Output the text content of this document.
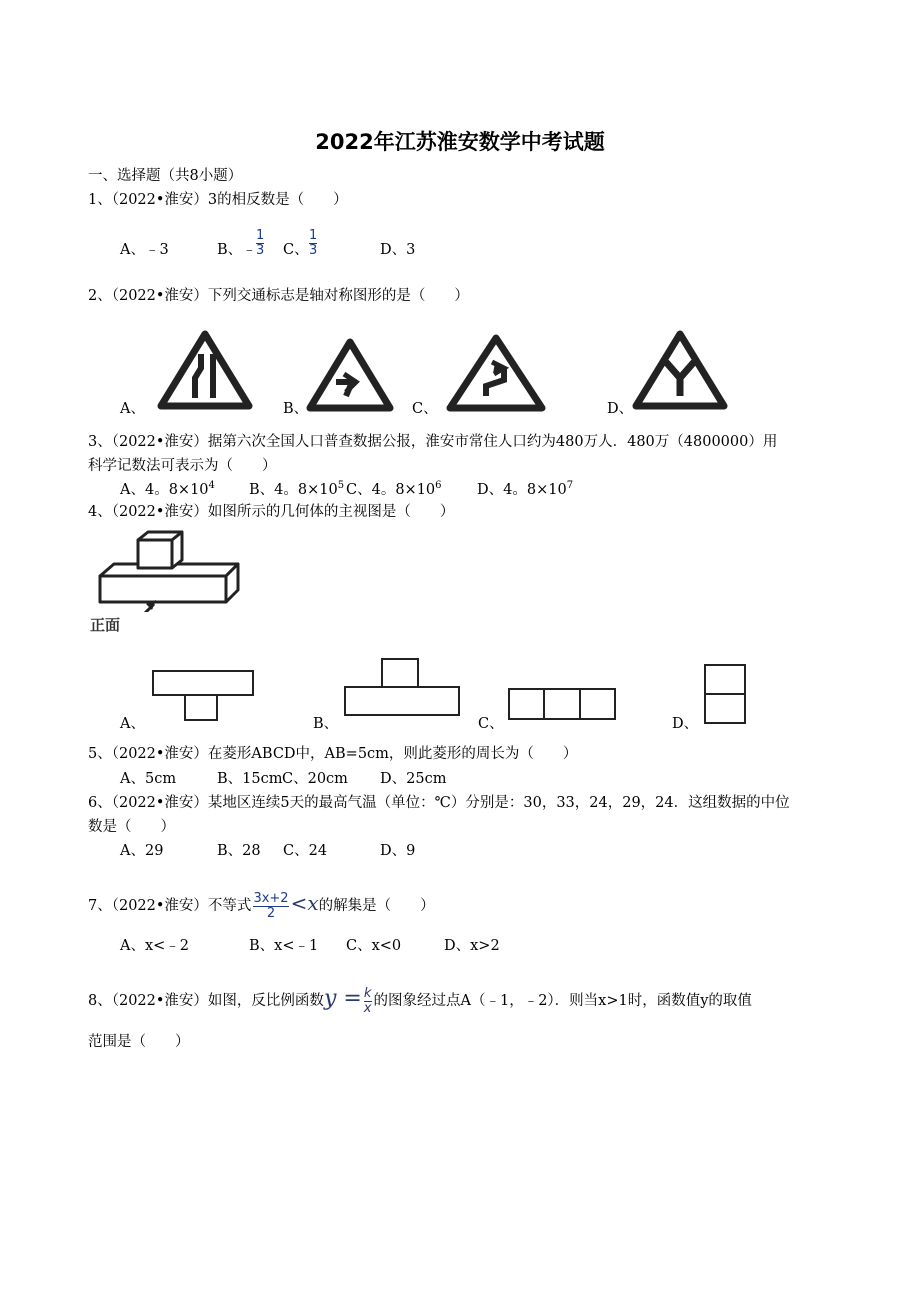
2022年江苏淮安数学中考试题
一、选择题（共8小题）
1、（2022•淮安）3的相反数是（　　）
A、﹣3	B、﹣ $\frac{1}{3}$ C、 $\frac{1}{3}$	D、3
2、（2022•淮安）下列交通标志是轴对称图形的是（　　）
A、	B、	C、	D、
3、（2022•淮安）据第六次全国人口普查数据公报，淮安市常住人口约为480万人．480万（4800000）用
科学记数法可表示为（　　）
A、4。$8\times 10^4$ B、4。$8\times 10^5$ C、4。$8\times 10^6$ D、4。$8\times 10^7$
4、（2022•淮安）如图所示的几何体的主视图是（　　）
正面
A、	B、	C、	D、
5、（2022•淮安）在菱形ABCD中，AB=5cm，则此菱形的周长为（　　）
A、5cm	B、15cm C、20cm D、25cm
6、（2022•淮安）某地区连续5天的最高气温（单位：℃）分别是：30，33，24，29，24．这组数据的中位
数是（　　）
A、29	B、28 C、24	D、9
7、（2022•淮安）不等式 $\frac{3x+2}{2} <x$的解集是（　　）
A、x<﹣2	B、x<﹣1 C、x<0	D、x>2
8、（2022•淮安）如图，反比例函数$y = \frac{k}{x}$ 的图象经过点A（﹣1，﹣2）．则当x>1时，函数值y的取值
范围是（　　）
